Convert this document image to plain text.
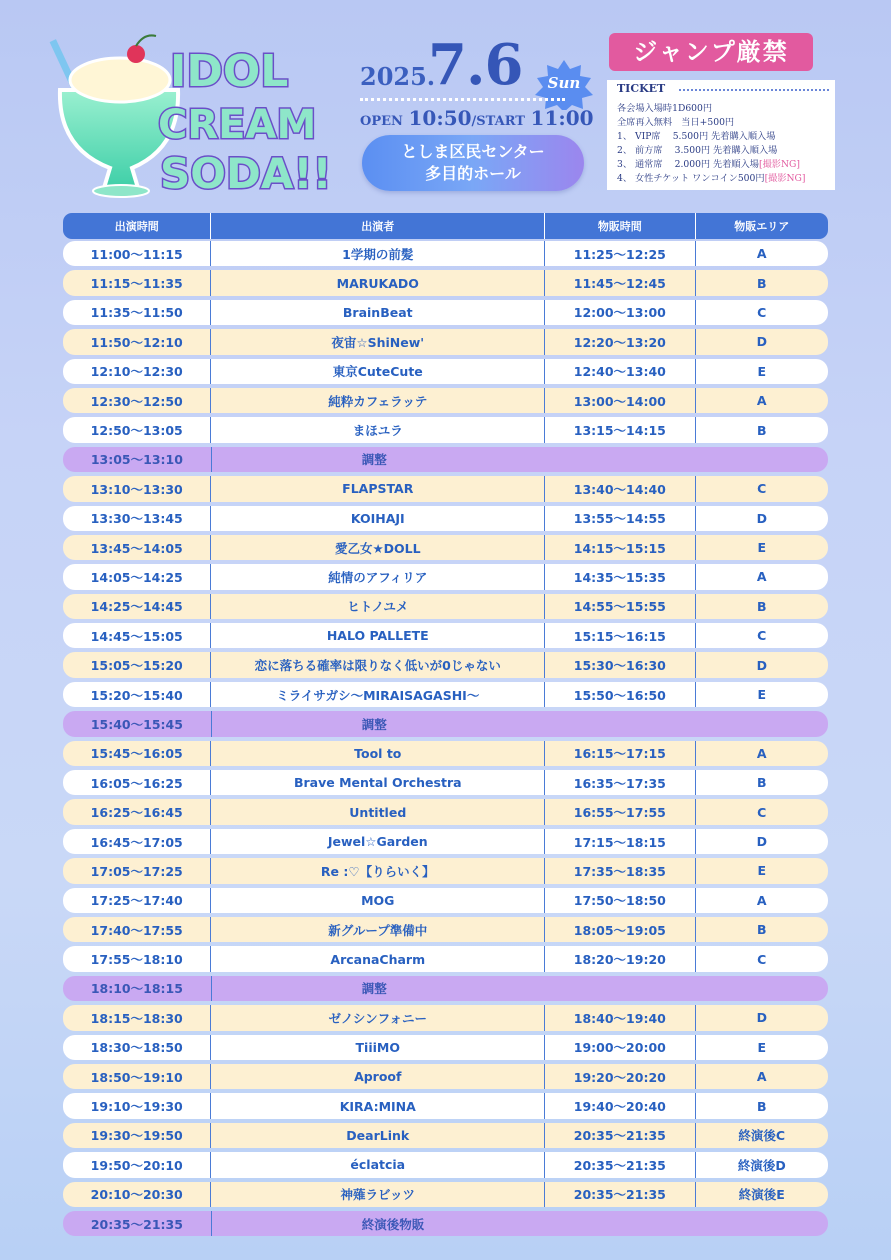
IDOL
CREAM
SODA!!
2025.
7.6	Sun
OPEN 10:50/START 11:00
としま区民センター
多目的ホール
ジャンプ厳禁
TICKET
各会場入場時1D600円
全席再入無料　当日+500円
1、 VIP席　 5.500円 先着購入順入場
2、 前方席　 3.500円 先着購入順入場
3、 通常席　 2.000円 先着順入場[撮影NG]
4、 女性チケット ワンコイン500円[撮影NG]
出演時間	出演者	物販時間	物販エリア
11:00〜11:15	1学期の前髪	11:25〜12:25	A
11:15〜11:35	MARUKADO	11:45〜12:45	B
11:35〜11:50	BrainBeat	12:00〜13:00	C
11:50〜12:10	夜宙☆ShiNew'	12:20〜13:20	D
12:10〜12:30	東京CuteCute	12:40〜13:40	E
12:30〜12:50	純粋カフェラッテ	13:00〜14:00	A
12:50〜13:05	まほユラ	13:15〜14:15	B
13:05〜13:10	調整
13:10〜13:30	FLAPSTAR	13:40〜14:40	C
13:30〜13:45	KOIHAJI	13:55〜14:55	D
13:45〜14:05	愛乙女★DOLL	14:15〜15:15	E
14:05〜14:25	純情のアフィリア	14:35〜15:35	A
14:25〜14:45	ヒトノユメ	14:55〜15:55	B
14:45〜15:05	HALO PALLETE	15:15〜16:15	C
15:05〜15:20	恋に落ちる確率は限りなく低いが0じゃない	15:30〜16:30	D
15:20〜15:40	ミライサガシ〜MIRAISAGASHI〜	15:50〜16:50	E
15:40〜15:45	調整
15:45〜16:05	Tool to	16:15〜17:15	A
16:05〜16:25	Brave Mental Orchestra	16:35〜17:35	B
16:25〜16:45	Untitled	16:55〜17:55	C
16:45〜17:05	Jewel☆Garden	17:15〜18:15	D
17:05〜17:25	Re :♡【りらいく】	17:35〜18:35	E
17:25〜17:40	MOG	17:50〜18:50	A
17:40〜17:55	新グループ準備中	18:05〜19:05	B
17:55〜18:10	ArcanaCharm	18:20〜19:20	C
18:10〜18:15	調整
18:15〜18:30	ゼノシンフォニー	18:40〜19:40	D
18:30〜18:50	TiiiMO	19:00〜20:00	E
18:50〜19:10	Aproof	19:20〜20:20	A
19:10〜19:30	KIRA:MINA	19:40〜20:40	B
19:30〜19:50	DearLink	20:35〜21:35	終演後C
19:50〜20:10	éclatcia	20:35〜21:35	終演後D
20:10〜20:30	神薙ラビッツ	20:35〜21:35	終演後E
20:35〜21:35	終演後物販
